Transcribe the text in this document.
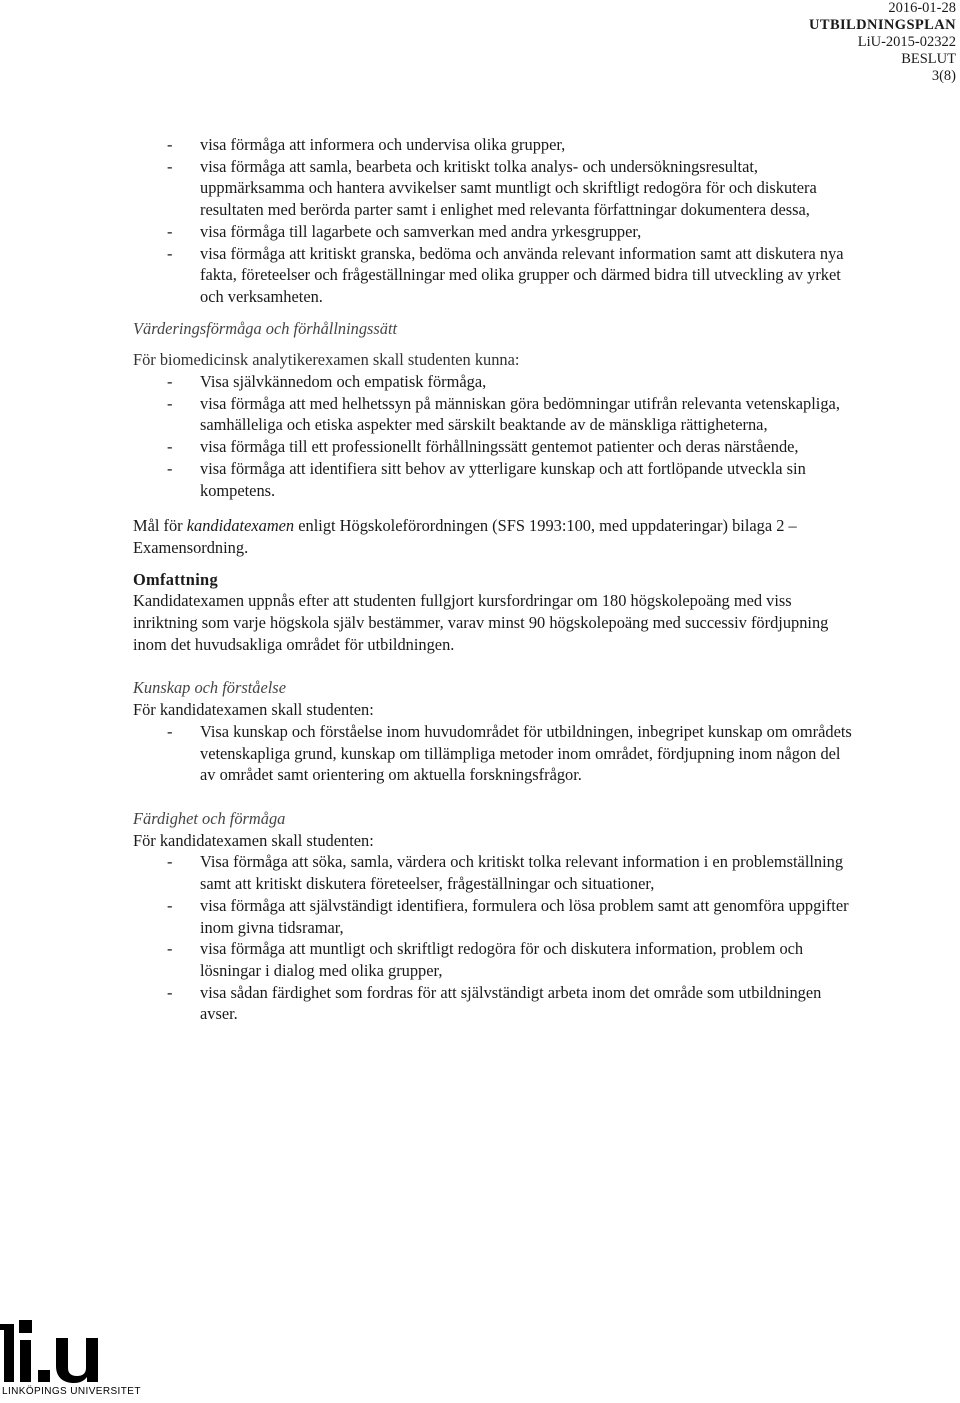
2016-01-28
UTBILDNINGSPLAN
LiU-2015-02322
BESLUT
3(8)
- visa förmåga att informera och undervisa olika grupper,
- visa förmåga att samla, bearbeta och kritiskt tolka analys- och undersökningsresultat, uppmärksamma och hantera avvikelser samt muntligt och skriftligt redogöra för och diskutera resultaten med berörda parter samt i enlighet med relevanta författningar dokumentera dessa,
- visa förmåga till lagarbete och samverkan med andra yrkesgrupper,
- visa förmåga att kritiskt granska, bedöma och använda relevant information samt att diskutera nya fakta, företeelser och frågeställningar med olika grupper och därmed bidra till utveckling av yrket och verksamheten.

Värderingsförmåga och förhållningssätt

För biomedicinsk analytikerexamen skall studenten kunna:

- Visa självkännedom och empatisk förmåga,
- visa förmåga att med helhetssyn på människan göra bedömningar utifrån relevanta vetenskapliga, samhälleliga och etiska aspekter med särskilt beaktande av de mänskliga rättigheterna,
- visa förmåga till ett professionellt förhållningssätt gentemot patienter och deras närstående,
- visa förmåga att identifiera sitt behov av ytterligare kunskap och att fortlöpande utveckla sin kompetens.

Mål för kandidatexamen enligt Högskoleförordningen (SFS 1993:100, med uppdateringar) bilaga 2 – Examensordning.

Omfattning

Kandidatexamen uppnås efter att studenten fullgjort kursfordringar om 180 högskolepoäng med viss inriktning som varje högskola själv bestämmer, varav minst 90 högskolepoäng med successiv fördjupning inom det huvudsakliga området för utbildningen.

Kunskap och förståelse

För kandidatexamen skall studenten:

- Visa kunskap och förståelse inom huvudområdet för utbildningen, inbegripet kunskap om områdets vetenskapliga grund, kunskap om tillämpliga metoder inom området, fördjupning inom någon del av området samt orientering om aktuella forskningsfrågor.

Färdighet och förmåga

För kandidatexamen skall studenten:

- Visa förmåga att söka, samla, värdera och kritiskt tolka relevant information i en problemställning samt att kritiskt diskutera företeelser, frågeställningar och situationer,
- visa förmåga att självständigt identifiera, formulera och lösa problem samt att genomföra uppgifter inom givna tidsramar,
- visa förmåga att muntligt och skriftligt redogöra för och diskutera information, problem och lösningar i dialog med olika grupper,
- visa sådan färdighet som fordras för att självständigt arbeta inom det område som utbildningen avser.
LINKÖPINGS UNIVERSITET
